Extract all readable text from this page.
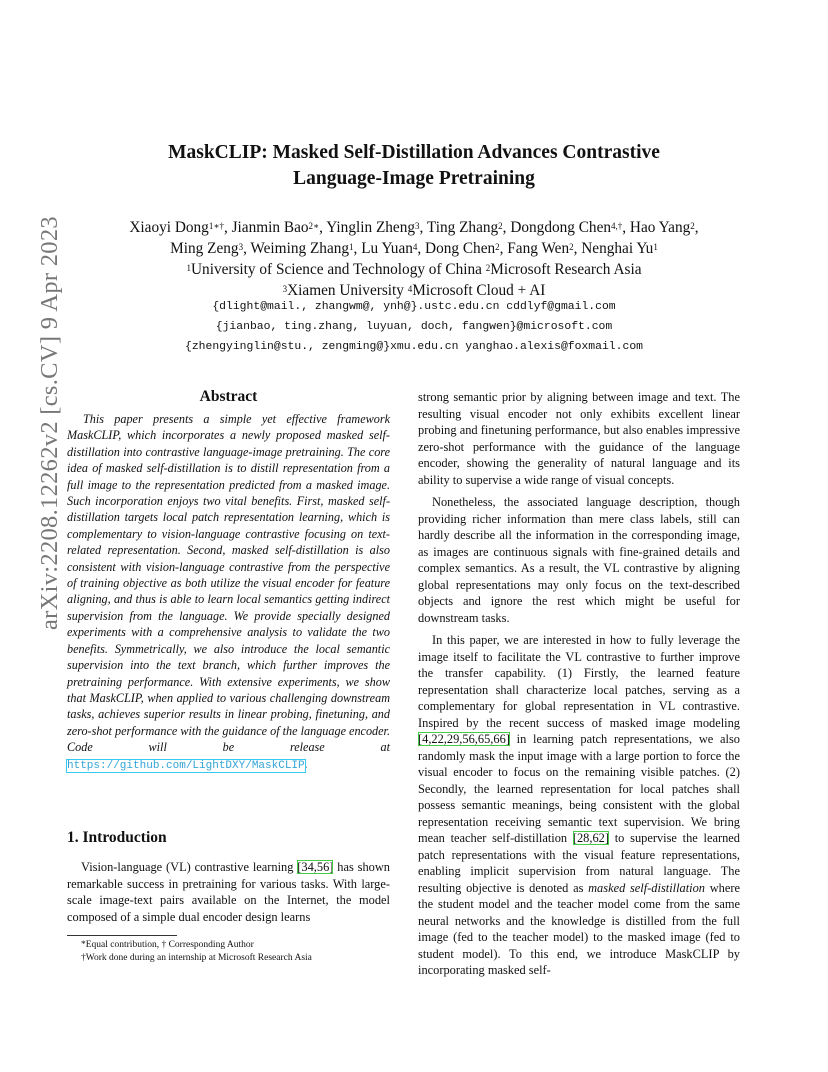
arXiv:2208.12262v2 [cs.CV] 9 Apr 2023
MaskCLIP: Masked Self-Distillation Advances Contrastive
Language-Image Pretraining
Xiaoyi Dong$^{1∗\dagger}$, Jianmin Bao$^{2∗}$, Yinglin Zheng$^3$, Ting Zhang$^2$, Dongdong Chen$^{4,\dagger}$, Hao Yang$^2$,
Ming Zeng$^3$, Weiming Zhang$^1$, Lu Yuan$^4$, Dong Chen$^2$, Fang Wen$^2$, Nenghai Yu$^1$
$^1$University of Science and Technology of China $^2$Microsoft Research Asia
$^3$Xiamen University $^4$Microsoft Cloud + AI
{dlight@mail., zhangwm@, ynh@}.ustc.edu.cn cddlyf@gmail.com
{jianbao, ting.zhang, luyuan, doch, fangwen}@microsoft.com
{zhengyinglin@stu., zengming@}xmu.edu.cn yanghao.alexis@foxmail.com
Abstract

This paper presents a simple yet effective framework MaskCLIP, which incorporates a newly proposed masked self-distillation into contrastive language-image pretraining. The core idea of masked self-distillation is to distill representation from a full image to the representation predicted from a masked image. Such incorporation enjoys two vital benefits. First, masked self-distillation targets local patch representation learning, which is complementary to vision-language contrastive focusing on text-related representation. Second, masked self-distillation is also consistent with vision-language contrastive from the perspective of training objective as both utilize the visual encoder for feature aligning, and thus is able to learn local semantics getting indirect supervision from the language. We provide specially designed experiments with a comprehensive analysis to validate the two benefits. Symmetrically, we also introduce the local semantic supervision into the text branch, which further improves the pretraining performance. With extensive experiments, we show that MaskCLIP, when applied to various challenging downstream tasks, achieves superior results in linear probing, finetuning, and zero-shot performance with the guidance of the language encoder. Code will be release at https://github.com/LightDXY/MaskCLIP.

1. Introduction

Vision-language (VL) contrastive learning [34,56] has shown remarkable success in pretraining for various tasks. With large-scale image-text pairs available on the Internet, the model composed of a simple dual encoder design learns

*Equal contribution, † Corresponding Author
†Work done during an internship at Microsoft Research Asia

strong semantic prior by aligning between image and text. The resulting visual encoder not only exhibits excellent linear probing and finetuning performance, but also enables impressive zero-shot performance with the guidance of the language encoder, showing the generality of natural language and its ability to supervise a wide range of visual concepts.

Nonetheless, the associated language description, though providing richer information than mere class labels, still can hardly describe all the information in the corresponding image, as images are continuous signals with fine-grained details and complex semantics. As a result, the VL contrastive by aligning global representations may only focus on the text-described objects and ignore the rest which might be useful for downstream tasks.

In this paper, we are interested in how to fully leverage the image itself to facilitate the VL contrastive to further improve the transfer capability. (1) Firstly, the learned feature representation shall characterize local patches, serving as a complementary for global representation in VL contrastive. Inspired by the recent success of masked image modeling [4,22,29,56,65,66] in learning patch representations, we also randomly mask the input image with a large portion to force the visual encoder to focus on the remaining visible patches. (2) Secondly, the learned representation for local patches shall possess semantic meanings, being consistent with the global representation receiving semantic text supervision. We bring mean teacher self-distillation [28,62] to supervise the learned patch representations with the visual feature representations, enabling implicit supervision from natural language. The resulting objective is denoted as masked self-distillation where the student model and the teacher model come from the same neural networks and the knowledge is distilled from the full image (fed to the teacher model) to the masked image (fed to student model). To this end, we introduce MaskCLIP by incorporating masked self-
